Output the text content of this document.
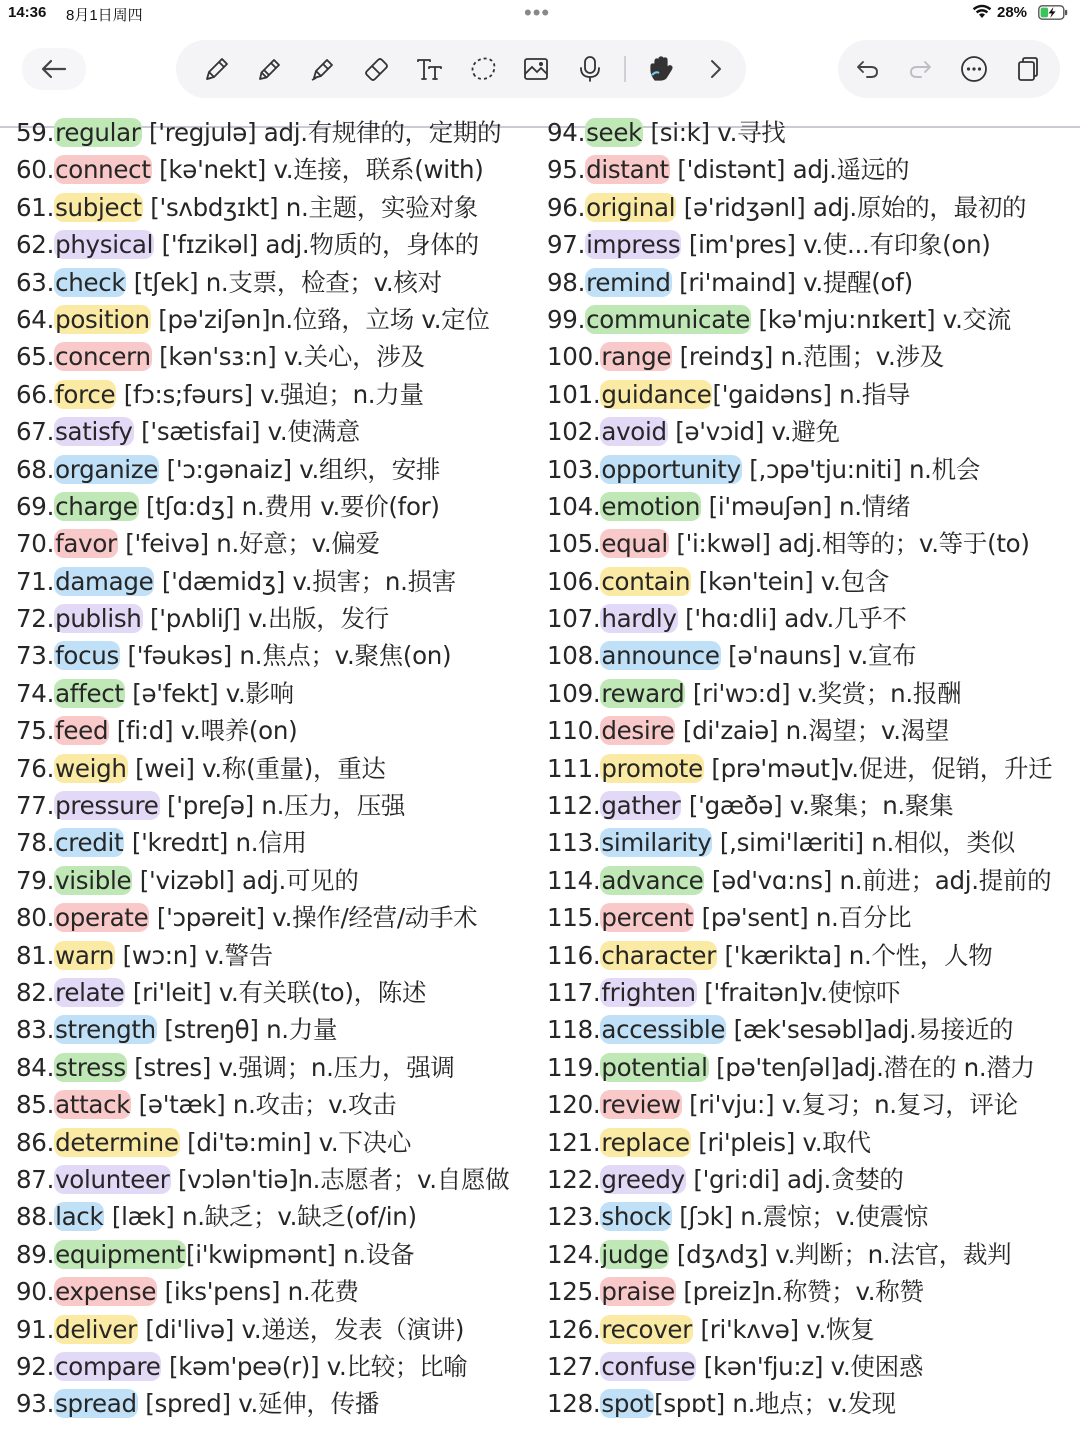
14:36 8月1日周四	•••	28%
59.regular ['regjulə] adj.有规律的，定期的
60.connect [kə'nekt] v.连接，联系(with)
61.subject ['sʌbdʒɪkt] n.主题，实验对象
62.physical ['fɪzikəl] adj.物质的，身体的
63.check [tʃek] n.支票，检查；v.核对
64.position [pə'ziʃən]n.位臵，立场 v.定位
65.concern [kən'sɜ:n] v.关心，涉及
66.force [fɔ:s;fəurs] v.强迫；n.力量
67.satisfy ['sætisfai] v.使满意
68.organize ['ɔ:gənaiz] v.组织，安排
69.charge [tʃɑ:dʒ] n.费用 v.要价(for)
70.favor ['feivə] n.好意；v.偏爱
71.damage ['dæmidʒ] v.损害；n.损害
72.publish ['pʌbliʃ] v.出版，发行
73.focus ['fəukəs] n.焦点；v.聚焦(on)
74.affect [ə'fekt] v.影响
75.feed [fi:d] v.喂养(on)
76.weigh [wei] v.称(重量)，重达
77.pressure ['preʃə] n.压力，压强
78.credit ['kredɪt] n.信用
79.visible ['vizəbl] adj.可见的
80.operate ['ɔpəreit] v.操作/经营/动手术
81.warn [wɔ:n] v.警告
82.relate [ri'leit] v.有关联(to)，陈述
83.strength [streŋθ] n.力量
84.stress [stres] v.强调；n.压力，强调
85.attack [ə'tæk] n.攻击；v.攻击
86.determine [di'tə:min] v.下决心
87.volunteer [vɔlən'tiə]n.志愿者；v.自愿做
88.lack [læk] n.缺乏；v.缺乏(of/in)
89.equipment[i'kwipmənt] n.设备
90.expense [iks'pens] n.花费
91.deliver [di'livə] v.递送，发表（演讲)
92.compare [kəm'peə(r)] v.比较；比喻
93.spread [spred] v.延伸，传播
94.seek [si:k] v.寻找
95.distant ['distənt] adj.遥远的
96.original [ə'ridʒənl] adj.原始的，最初的
97.impress [im'pres] v.使...有印象(on)
98.remind [ri'maind] v.提醒(of)
99.communicate [kə'mju:nɪkeɪt] v.交流
100.range [reindʒ] n.范围；v.涉及
101.guidance['gaidəns] n.指导
102.avoid [ə'vɔid] v.避免
103.opportunity [,ɔpə'tju:niti] n.机会
104.emotion [i'məuʃən] n.情绪
105.equal ['i:kwəl] adj.相等的；v.等于(to)
106.contain [kən'tein] v.包含
107.hardly ['hɑ:dli] adv.几乎不
108.announce [ə'nauns] v.宣布
109.reward [ri'wɔ:d] v.奖赏；n.报酬
110.desire [di'zaiə] n.渴望；v.渴望
111.promote [prə'məut]v.促进，促销，升迁
112.gather ['gæðə] v.聚集；n.聚集
113.similarity [,simi'læriti] n.相似，类似
114.advance [əd'vɑ:ns] n.前进；adj.提前的
115.percent [pə'sent] n.百分比
116.character ['kærikta] n.个性，人物
117.frighten ['fraitən]v.使惊吓
118.accessible [æk'sesəbl]adj.易接近的
119.potential [pə'tenʃəl]adj.潜在的 n.潜力
120.review [ri'vju:] v.复习；n.复习，评论
121.replace [ri'pleis] v.取代
122.greedy ['gri:di] adj.贪婪的
123.shock [ʃɔk] n.震惊；v.使震惊
124.judge [dʒʌdʒ] v.判断；n.法官，裁判
125.praise [preiz]n.称赞；v.称赞
126.recover [ri'kʌvə] v.恢复
127.confuse [kən'fju:z] v.使困惑
128.spot[spɒt] n.地点；v.发现
